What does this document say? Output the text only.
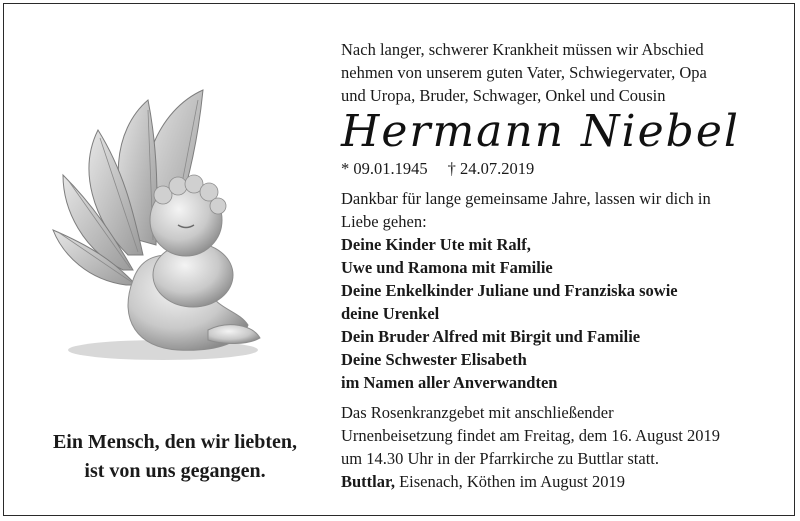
Ein Mensch, den wir liebten,
ist von uns gegangen.

Nach langer, schwerer Krankheit müssen wir Abschied

nehmen von unserem guten Vater, Schwiegervater, Opa

und Uropa, Bruder, Schwager, Onkel und Cousin

Hermann Niebel

* 09.01.1945 † 24.07.2019

Dankbar für lange gemeinsame Jahre, lassen wir dich in

Liebe gehen:

Deine Kinder Ute mit Ralf,

Uwe und Ramona mit Familie

Deine Enkelkinder Juliane und Franziska sowie

deine Urenkel

Dein Bruder Alfred mit Birgit und Familie

Deine Schwester Elisabeth

im Namen aller Anverwandten

Das Rosenkranzgebet mit anschließender

Urnenbeisetzung findet am Freitag, dem 16. August 2019

um 14.30 Uhr in der Pfarrkirche zu Buttlar statt.

Buttlar, Eisenach, Köthen im August 2019
